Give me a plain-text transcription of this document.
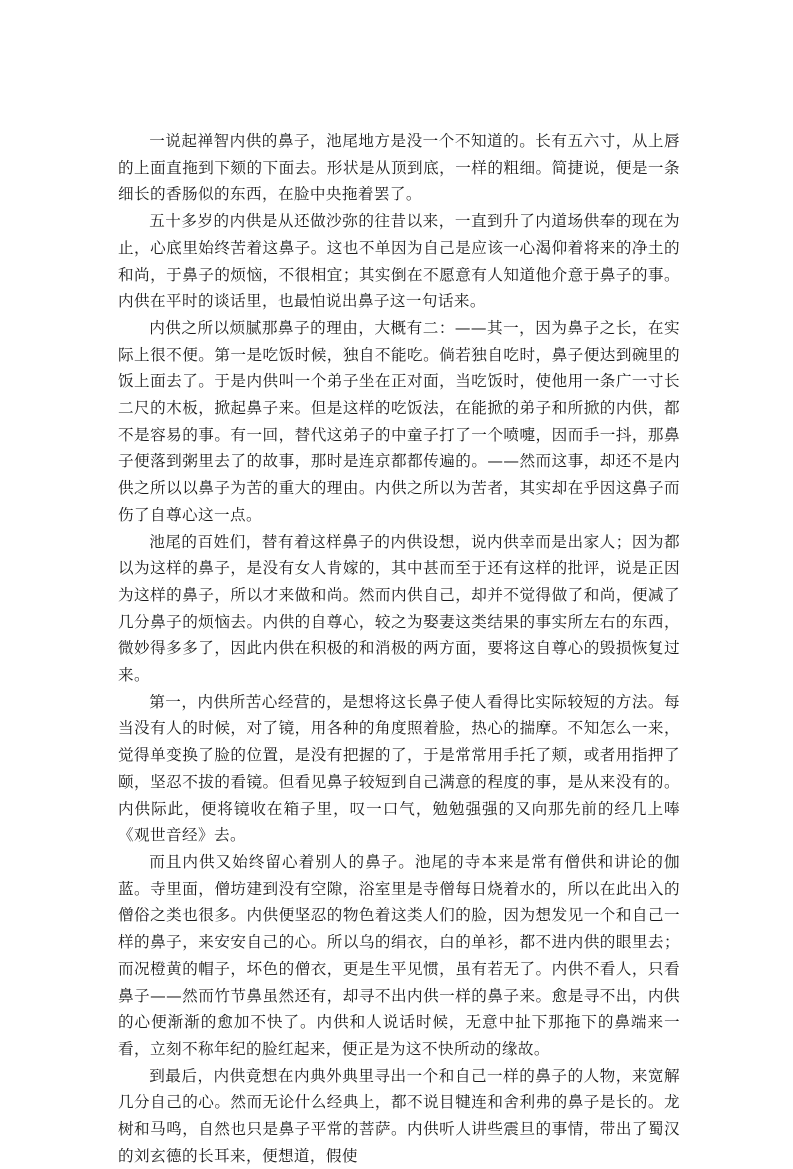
一说起禅智内供的鼻子，池尾地方是没一个不知道的。长有五六寸，从上唇的上面直拖到下颏的下面去。形状是从顶到底，一样的粗细。简捷说，便是一条细长的香肠似的东西，在脸中央拖着罢了。

五十多岁的内供是从还做沙弥的往昔以来，一直到升了内道场供奉的现在为止，心底里始终苦着这鼻子。这也不单因为自己是应该一心渴仰着将来的净土的和尚，于鼻子的烦恼，不很相宜；其实倒在不愿意有人知道他介意于鼻子的事。内供在平时的谈话里，也最怕说出鼻子这一句话来。

内供之所以烦腻那鼻子的理由，大概有二：——其一，因为鼻子之长，在实际上很不便。第一是吃饭时候，独自不能吃。倘若独自吃时，鼻子便达到碗里的饭上面去了。于是内供叫一个弟子坐在正对面，当吃饭时，使他用一条广一寸长二尺的木板，掀起鼻子来。但是这样的吃饭法，在能掀的弟子和所掀的内供，都不是容易的事。有一回，替代这弟子的中童子打了一个喷嚏，因而手一抖，那鼻子便落到粥里去了的故事，那时是连京都都传遍的。——然而这事，却还不是内供之所以以鼻子为苦的重大的理由。内供之所以为苦者，其实却在乎因这鼻子而伤了自尊心这一点。

池尾的百姓们，替有着这样鼻子的内供设想，说内供幸而是出家人；因为都以为这样的鼻子，是没有女人肯嫁的，其中甚而至于还有这样的批评，说是正因为这样的鼻子，所以才来做和尚。然而内供自己，却并不觉得做了和尚，便减了几分鼻子的烦恼去。内供的自尊心，较之为娶妻这类结果的事实所左右的东西，微妙得多多了，因此内供在积极的和消极的两方面，要将这自尊心的毁损恢复过来。

第一，内供所苦心经营的，是想将这长鼻子使人看得比实际较短的方法。每当没有人的时候，对了镜，用各种的角度照着脸，热心的揣摩。不知怎么一来，觉得单变换了脸的位置，是没有把握的了，于是常常用手托了颊，或者用指押了颐，坚忍不拔的看镜。但看见鼻子较短到自己满意的程度的事，是从来没有的。内供际此，便将镜收在箱子里，叹一口气，勉勉强强的又向那先前的经几上唪《观世音经》去。

而且内供又始终留心着别人的鼻子。池尾的寺本来是常有僧供和讲论的伽蓝。寺里面，僧坊建到没有空隙，浴室里是寺僧每日烧着水的，所以在此出入的僧俗之类也很多。内供便坚忍的物色着这类人们的脸，因为想发见一个和自己一样的鼻子，来安安自己的心。所以乌的绢衣，白的单衫，都不进内供的眼里去；而况橙黄的帽子，坏色的僧衣，更是生平见惯，虽有若无了。内供不看人，只看鼻子——然而竹节鼻虽然还有，却寻不出内供一样的鼻子来。愈是寻不出，内供的心便渐渐的愈加不快了。内供和人说话时候，无意中扯下那拖下的鼻端来一看，立刻不称年纪的脸红起来，便正是为这不快所动的缘故。

到最后，内供竟想在内典外典里寻出一个和自己一样的鼻子的人物，来宽解几分自己的心。然而无论什么经典上，都不说目犍连和舍利弗的鼻子是长的。龙树和马鸣，自然也只是鼻子平常的菩萨。内供听人讲些震旦的事情，带出了蜀汉的刘玄德的长耳来，便想道，假使
